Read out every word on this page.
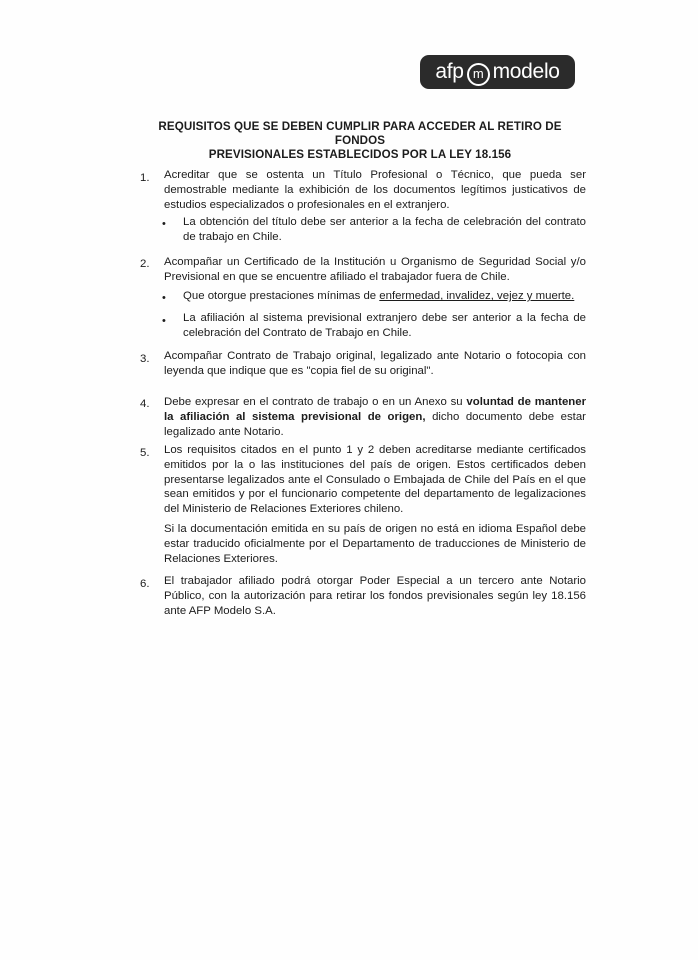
afp m modelo
REQUISITOS QUE SE DEBEN CUMPLIR PARA ACCEDER AL RETIRO DE FONDOS
PREVISIONALES ESTABLECIDOS POR LA LEY 18.156
1. Acreditar que se ostenta un Título Profesional o Técnico, que pueda ser demostrable mediante la exhibición de los documentos legítimos justicativos de estudios especializados o profesionales en el extranjero.
• La obtención del título debe ser anterior a la fecha de celebración del contrato de trabajo en Chile.
2. Acompañar un Certificado de la Institución u Organismo de Seguridad Social y/o Previsional en que se encuentre afiliado el trabajador fuera de Chile.
• Que otorgue prestaciones mínimas de enfermedad, invalidez, vejez y muerte.
• La afiliación al sistema previsional extranjero debe ser anterior a la fecha de celebración del Contrato de Trabajo en Chile.
3. Acompañar Contrato de Trabajo original, legalizado ante Notario o fotocopia con leyenda que indique que es "copia fiel de su original".
4. Debe expresar en el contrato de trabajo o en un Anexo su voluntad de mantener la afiliación al sistema previsional de origen, dicho documento debe estar legalizado ante Notario.
5. Los requisitos citados en el punto 1 y 2 deben acreditarse mediante certificados emitidos por la o las instituciones del país de origen. Estos certificados deben presentarse legalizados ante el Consulado o Embajada de Chile del País en el que sean emitidos y por el funcionario competente del departamento de legalizaciones del Ministerio de Relaciones Exteriores chileno.
Si la documentación emitida en su país de origen no está en idioma Español debe estar traducido oficialmente por el Departamento de traducciones de Ministerio de Relaciones Exteriores.
6. El trabajador afiliado podrá otorgar Poder Especial a un tercero ante Notario Público, con la autorización para retirar los fondos previsionales según ley 18.156 ante AFP Modelo S.A.
